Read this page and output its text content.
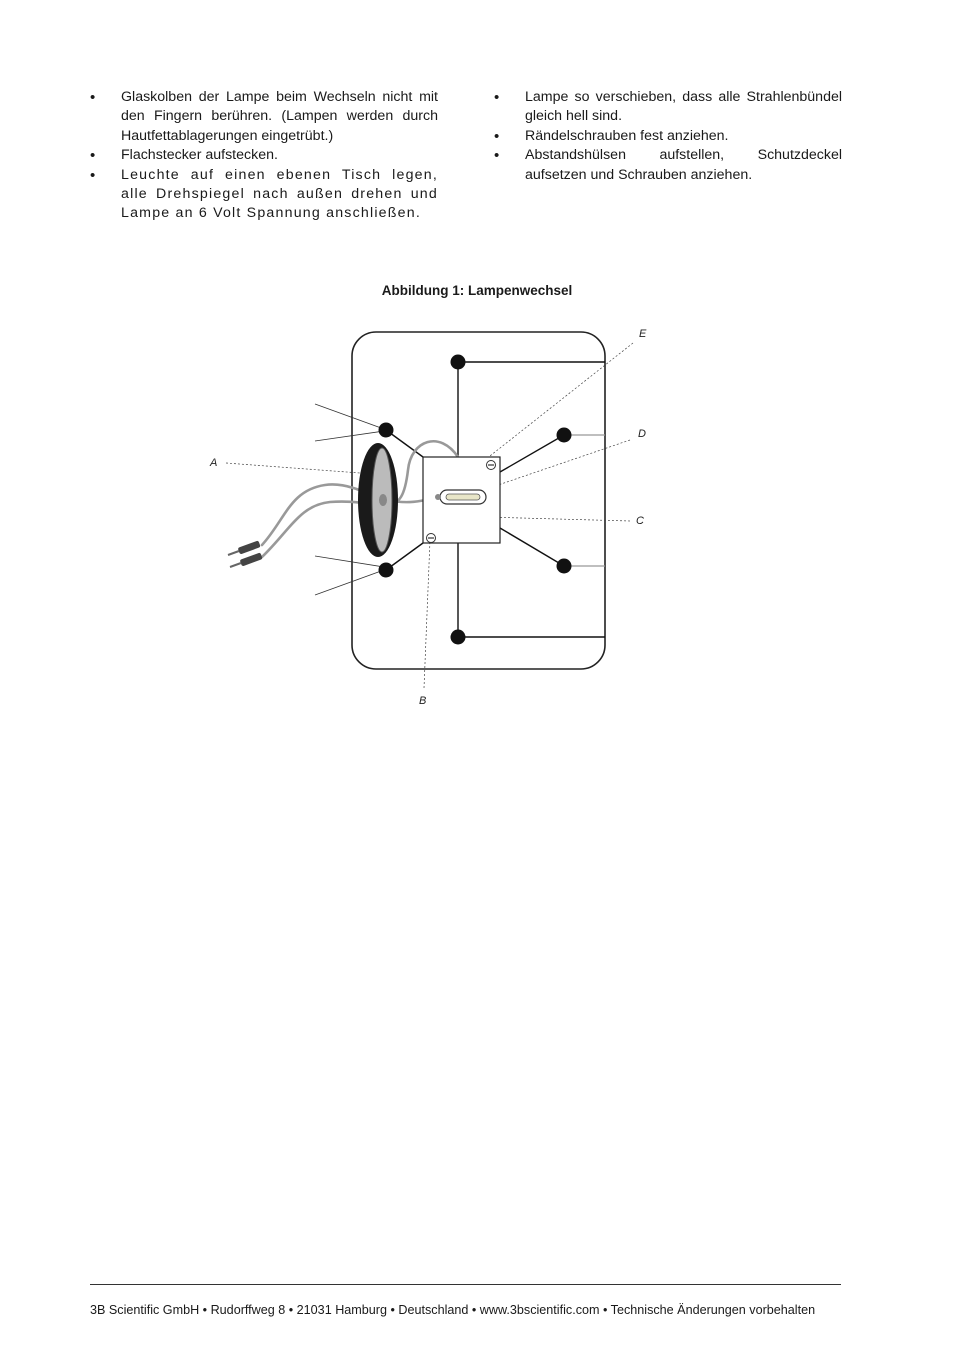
• Glaskolben der Lampe beim Wechseln nicht mit den Fingern berühren. (Lampen werden durch Hautfettablagerungen eingetrübt.)
• Flachstecker aufstecken.
• Leuchte auf einen ebenen Tisch legen, alle Drehspiegel nach außen drehen und Lampe an 6 Volt Spannung anschließen.
• Lampe so verschieben, dass alle Strahlenbündel gleich hell sind.
• Rändelschrauben fest anziehen.
• Abstandshülsen aufstellen, Schutzdeckel aufsetzen und Schrauben anziehen.
Abbildung 1: Lampenwechsel
A
E
D
C
B
3B Scientific GmbH • Rudorffweg 8 • 21031 Hamburg • Deutschland • www.3bscientific.com • Technische Änderungen vorbehalten
